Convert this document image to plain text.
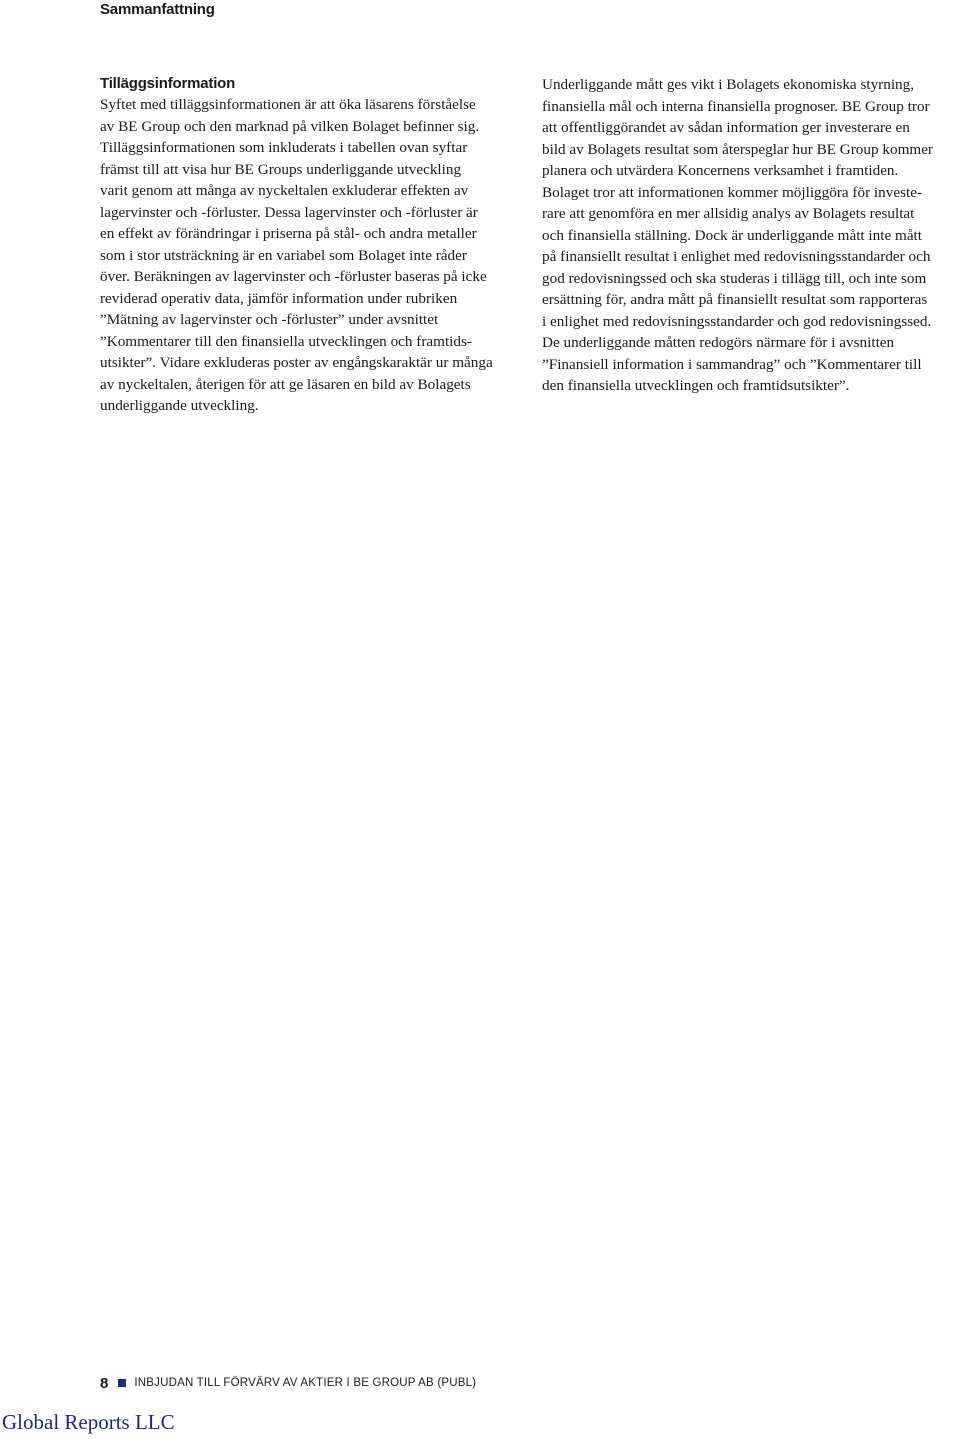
Sammanfattning
Tilläggsinformation
Syftet med tilläggsinformationen är att öka läsarens förståelse
av BE Group och den marknad på vilken Bolaget befinner sig.
Tilläggsinformationen som inkluderats i tabellen ovan syftar
främst till att visa hur BE Groups underliggande utveckling
varit genom att många av nyckeltalen exkluderar effekten av
lagervinster och -förluster. Dessa lagervinster och -förluster är
en effekt av förändringar i priserna på stål- och andra metaller
som i stor utsträckning är en variabel som Bolaget inte råder
över. Beräkningen av lagervinster och -förluster baseras på icke
reviderad operativ data, jämför information under rubriken
”Mätning av lagervinster och -förluster” under avsnittet
”Kommentarer till den finansiella utvecklingen och framtids-
utsikter”. Vidare exkluderas poster av engångskaraktär ur många
av nyckeltalen, återigen för att ge läsaren en bild av Bolagets
underliggande utveckling.
Underliggande mått ges vikt i Bolagets ekonomiska styrning,
finansiella mål och interna finansiella prognoser. BE Group tror
att offentliggörandet av sådan information ger investerare en
bild av Bolagets resultat som återspeglar hur BE Group kommer
planera och utvärdera Koncernens verksamhet i framtiden.
Bolaget tror att informationen kommer möjliggöra för investe-
rare att genomföra en mer allsidig analys av Bolagets resultat
och finansiella ställning. Dock är underliggande mått inte mått
på finansiellt resultat i enlighet med redovisningsstandarder och
god redovisningssed och ska studeras i tillägg till, och inte som
ersättning för, andra mått på finansiellt resultat som rapporteras
i enlighet med redovisningsstandarder och god redovisningssed.
De underliggande måtten redogörs närmare för i avsnitten
”Finansiell information i sammandrag” och ”Kommentarer till
den finansiella utvecklingen och framtidsutsikter”.
8 INBJUDAN TILL FÖRVÄRV AV AKTIER I BE GROUP AB (PUBL)
Global Reports LLC
